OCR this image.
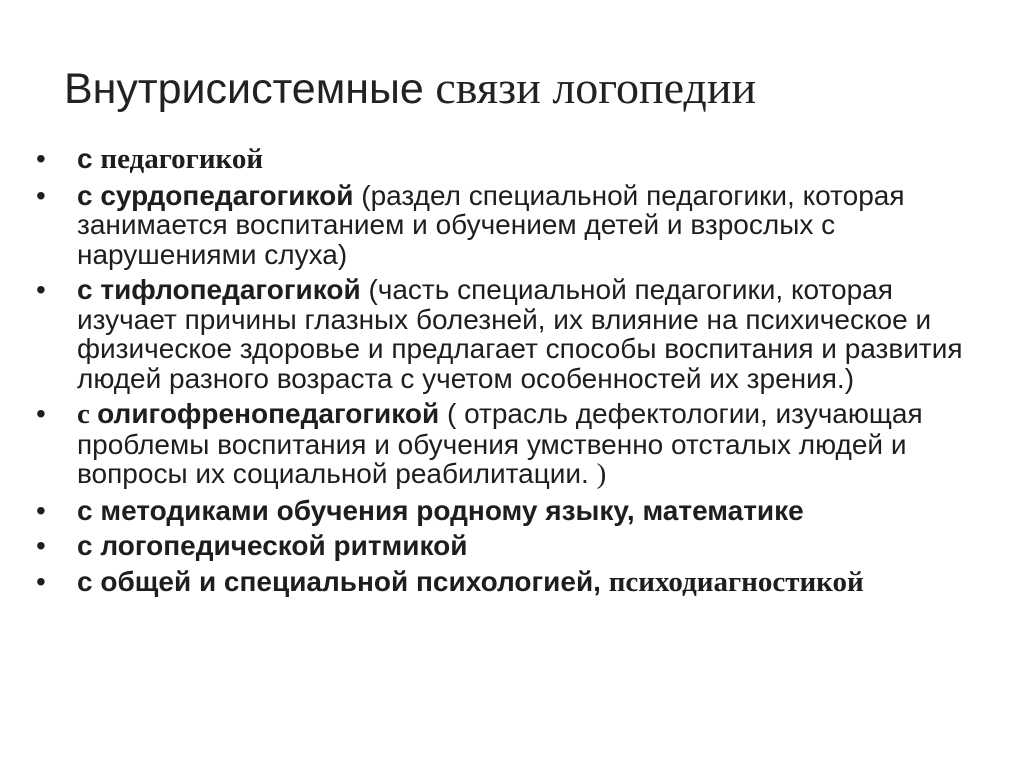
Внутрисистемные связи логопедии
•	с педагогикой
•	с сурдопедагогикой (раздел специальной педагогики, которая занимается воспитанием и обучением детей и взрослых с нарушениями слуха)
•	с тифлопедагогикой (часть специальной педагогики, которая изучает причины глазных болезней, их влияние на психическое и физическое здоровье и предлагает способы воспитания и развития людей разного возраста с учетом особенностей их зрения.)
•	с олигофренопедагогикой ( отрасль дефектологии, изучающая проблемы воспитания и обучения умственно отсталых людей и вопросы их социальной реабилитации. )
•	с методиками обучения родному языку, математике
•	с логопедической ритмикой
•	с общей и специальной психологией, психодиагностикой
